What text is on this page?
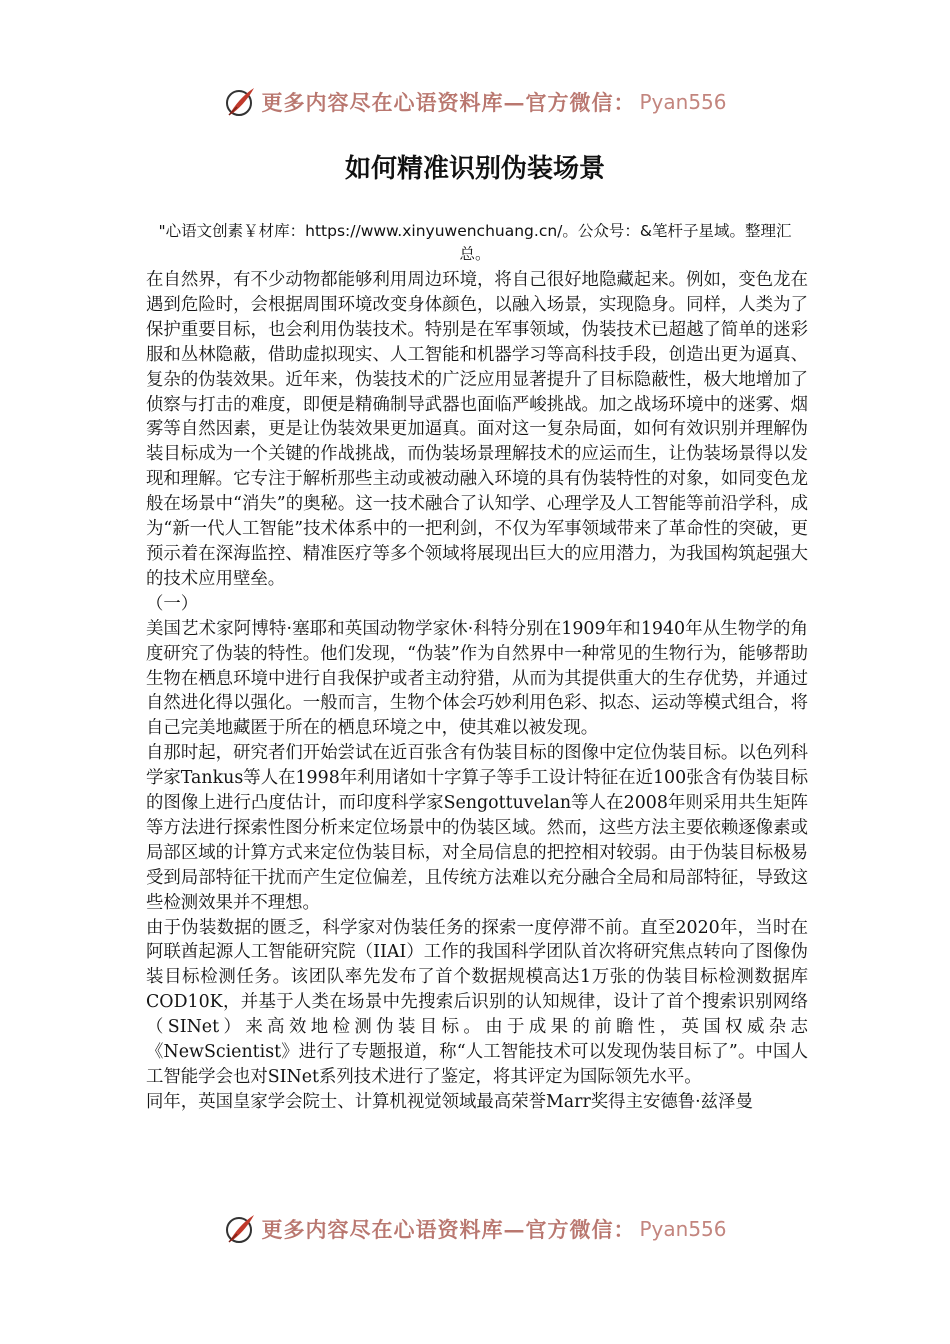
更多内容尽在心语资料库—官方微信： Pyan556
如何精准识别伪装场景
"心语文创素￥材库：https://www.xinyuwenchuang.cn/。公众号：&笔杆子星域。整理汇总。

在自然界，有不少动物都能够利用周边环境，将自己很好地隐藏起来。例如，变色龙在遇到危险时，会根据周围环境改变身体颜色，以融入场景，实现隐身。同样，人类为了保护重要目标，也会利用伪装技术。特别是在军事领域，伪装技术已超越了简单的迷彩服和丛林隐蔽，借助虚拟现实、人工智能和机器学习等高科技手段，创造出更为逼真、复杂的伪装效果。近年来，伪装技术的广泛应用显著提升了目标隐蔽性，极大地增加了侦察与打击的难度，即便是精确制导武器也面临严峻挑战。加之战场环境中的迷雾、烟雾等自然因素，更是让伪装效果更加逼真。面对这一复杂局面，如何有效识别并理解伪装目标成为一个关键的作战挑战，而伪装场景理解技术的应运而生，让伪装场景得以发现和理解。它专注于解析那些主动或被动融入环境的具有伪装特性的对象，如同变色龙般在场景中“消失”的奥秘。这一技术融合了认知学、心理学及人工智能等前沿学科，成为“新一代人工智能”技术体系中的一把利剑，不仅为军事领域带来了革命性的突破，更预示着在深海监控、精准医疗等多个领域将展现出巨大的应用潜力，为我国构筑起强大的技术应用壁垒。

（一）

美国艺术家阿博特·塞耶和英国动物学家休·科特分别在1909年和1940年从生物学的角度研究了伪装的特性。他们发现，“伪装”作为自然界中一种常见的生物行为，能够帮助生物在栖息环境中进行自我保护或者主动狩猎，从而为其提供重大的生存优势，并通过自然进化得以强化。一般而言，生物个体会巧妙利用色彩、拟态、运动等模式组合，将自己完美地藏匿于所在的栖息环境之中，使其难以被发现。

自那时起，研究者们开始尝试在近百张含有伪装目标的图像中定位伪装目标。以色列科学家Tankus等人在1998年利用诸如十字算子等手工设计特征在近100张含有伪装目标的图像上进行凸度估计，而印度科学家Sengottuvelan等人在2008年则采用共生矩阵等方法进行探索性图分析来定位场景中的伪装区域。然而，这些方法主要依赖逐像素或局部区域的计算方式来定位伪装目标，对全局信息的把控相对较弱。由于伪装目标极易受到局部特征干扰而产生定位偏差，且传统方法难以充分融合全局和局部特征，导致这些检测效果并不理想。

由于伪装数据的匮乏，科学家对伪装任务的探索一度停滞不前。直至2020年，当时在阿联酋起源人工智能研究院（IIAI）工作的我国科学团队首次将研究焦点转向了图像伪装目标检测任务。该团队率先发布了首个数据规模高达1万张的伪装目标检测数据库COD10K，并基于人类在场景中先搜索后识别的认知规律，设计了首个搜索识别网络（SINet）来高效地检测伪装目标。由于成果的前瞻性，英国权威杂志《NewScientist》进行了专题报道，称“人工智能技术可以发现伪装目标了”。中国人工智能学会也对SINet系列技术进行了鉴定，将其评定为国际领先水平。

同年，英国皇家学会院士、计算机视觉领域最高荣誉Marr奖得主安德鲁·兹泽曼

更多内容尽在心语资料库—官方微信： Pyan556
